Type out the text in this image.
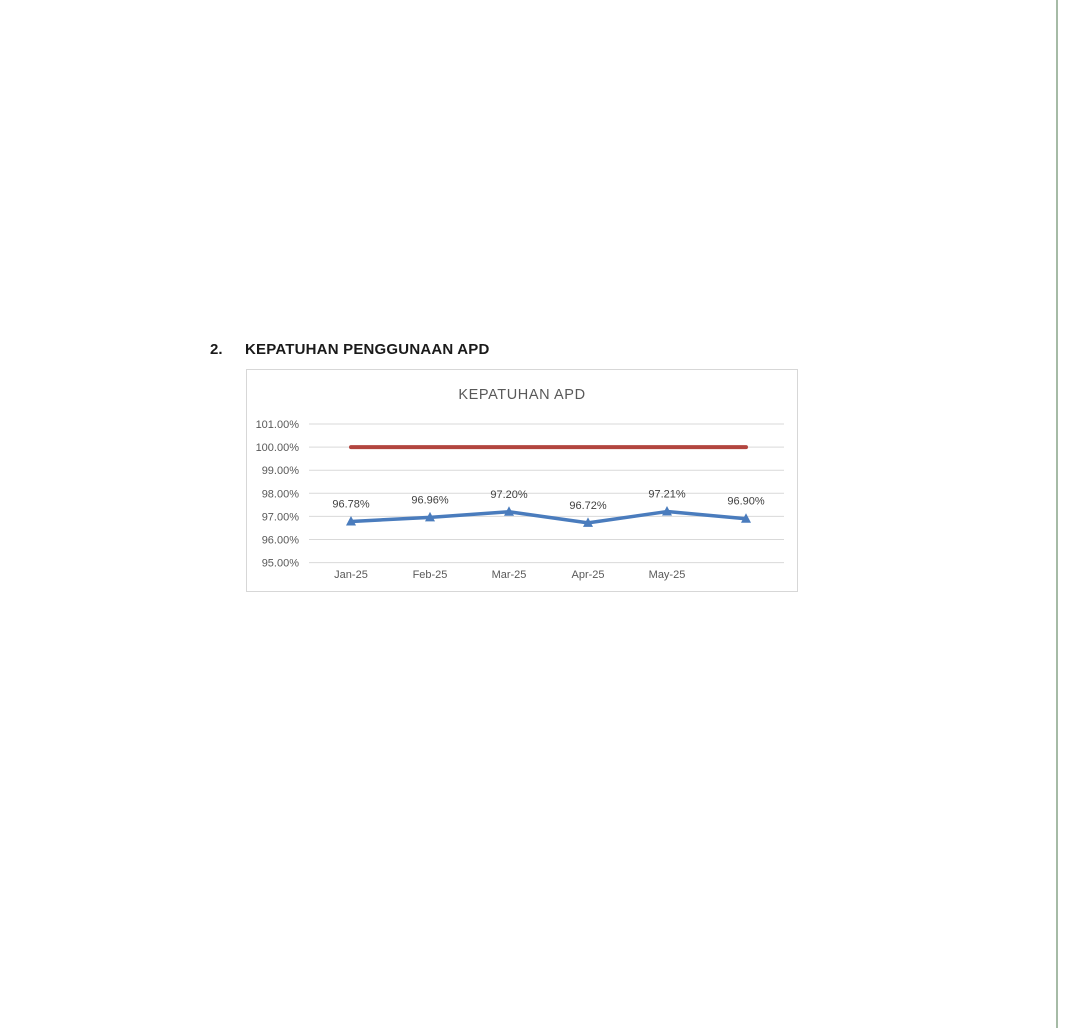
2. KEPATUHAN PENGGUNAAN APD
101.00%
100.00%
99.00%
98.00%
97.00%
96.00%
95.00%
Jan-25	Feb-25	Mar-25	Apr-25	May-25
96.78%	96.96%	97.20%
96.72%
97.21%
96.90%
KEPATUHAN APD
